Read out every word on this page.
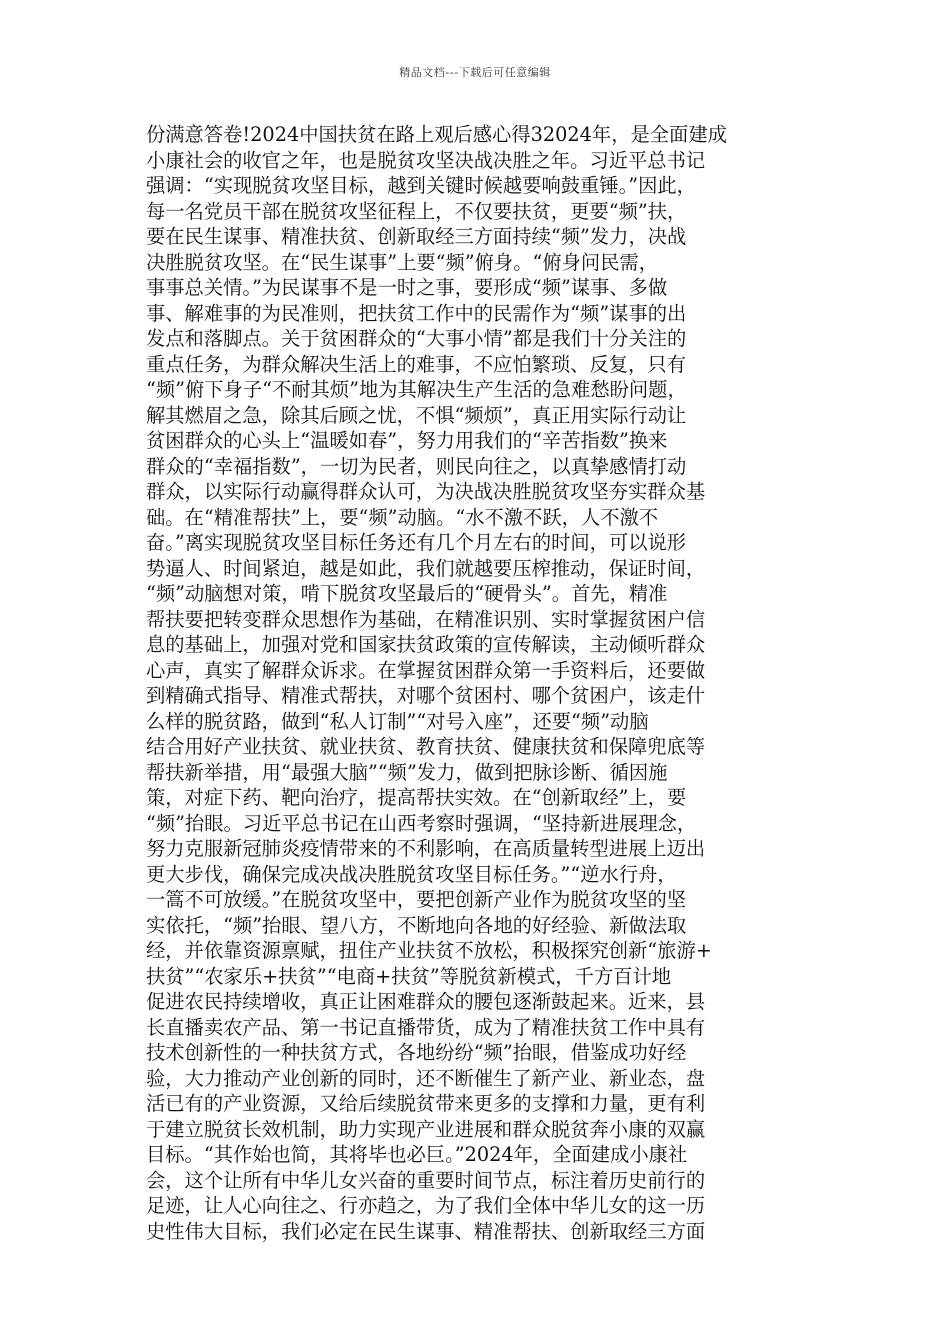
精品文档---下载后可任意编辑
份满意答卷!2024中国扶贫在路上观后感心得32024年，是全面建成
小康社会的收官之年，也是脱贫攻坚决战决胜之年。习近平总书记
强调：“实现脱贫攻坚目标，越到关键时候越要响鼓重锤。”因此，
每一名党员干部在脱贫攻坚征程上，不仅要扶贫，更要“频”扶，
要在民生谋事、精准扶贫、创新取经三方面持续“频”发力，决战
决胜脱贫攻坚。在“民生谋事”上要“频”俯身。“俯身问民需，
事事总关情。”为民谋事不是一时之事，要形成“频”谋事、多做
事、解难事的为民准则，把扶贫工作中的民需作为“频”谋事的出
发点和落脚点。关于贫困群众的“大事小情”都是我们十分关注的
重点任务，为群众解决生活上的难事，不应怕繁琐、反复，只有
“频”俯下身子“不耐其烦”地为其解决生产生活的急难愁盼问题，
解其燃眉之急，除其后顾之忧，不惧“频烦”，真正用实际行动让
贫困群众的心头上“温暖如春”，努力用我们的“辛苦指数”换来
群众的“幸福指数”，一切为民者，则民向往之，以真挚感情打动
群众，以实际行动赢得群众认可，为决战决胜脱贫攻坚夯实群众基
础。在“精准帮扶”上，要“频”动脑。“水不激不跃，人不激不
奋。”离实现脱贫攻坚目标任务还有几个月左右的时间，可以说形
势逼人、时间紧迫，越是如此，我们就越要压榨推动，保证时间，
“频”动脑想对策，啃下脱贫攻坚最后的“硬骨头”。首先，精准
帮扶要把转变群众思想作为基础，在精准识别、实时掌握贫困户信
息的基础上，加强对党和国家扶贫政策的宣传解读，主动倾听群众
心声，真实了解群众诉求。在掌握贫困群众第一手资料后，还要做
到精确式指导、精准式帮扶，对哪个贫困村、哪个贫困户，该走什
么样的脱贫路，做到“私人订制”“对号入座”，还要“频”动脑
结合用好产业扶贫、就业扶贫、教育扶贫、健康扶贫和保障兜底等
帮扶新举措，用“最强大脑”“频”发力，做到把脉诊断、循因施
策，对症下药、靶向治疗，提高帮扶实效。在“创新取经”上，要
“频”抬眼。习近平总书记在山西考察时强调，“坚持新进展理念，
努力克服新冠肺炎疫情带来的不利影响，在高质量转型进展上迈出
更大步伐，确保完成决战决胜脱贫攻坚目标任务。”“逆水行舟，
一篙不可放缓。”在脱贫攻坚中，要把创新产业作为脱贫攻坚的坚
实依托，“频”抬眼、望八方，不断地向各地的好经验、新做法取
经，并依靠资源禀赋，扭住产业扶贫不放松，积极探究创新“旅游+
扶贫”“农家乐+扶贫”“电商+扶贫”等脱贫新模式，千方百计地
促进农民持续增收，真正让困难群众的腰包逐渐鼓起来。近来，县
长直播卖农产品、第一书记直播带货，成为了精准扶贫工作中具有
技术创新性的一种扶贫方式，各地纷纷“频”抬眼，借鉴成功好经
验，大力推动产业创新的同时，还不断催生了新产业、新业态，盘
活已有的产业资源，又给后续脱贫带来更多的支撑和力量，更有利
于建立脱贫长效机制，助力实现产业进展和群众脱贫奔小康的双赢
目标。“其作始也简，其将毕也必巨。”2024年，全面建成小康社
会，这个让所有中华儿女兴奋的重要时间节点，标注着历史前行的
足迹，让人心向往之、行亦趋之，为了我们全体中华儿女的这一历
史性伟大目标，我们必定在民生谋事、精准帮扶、创新取经三方面
